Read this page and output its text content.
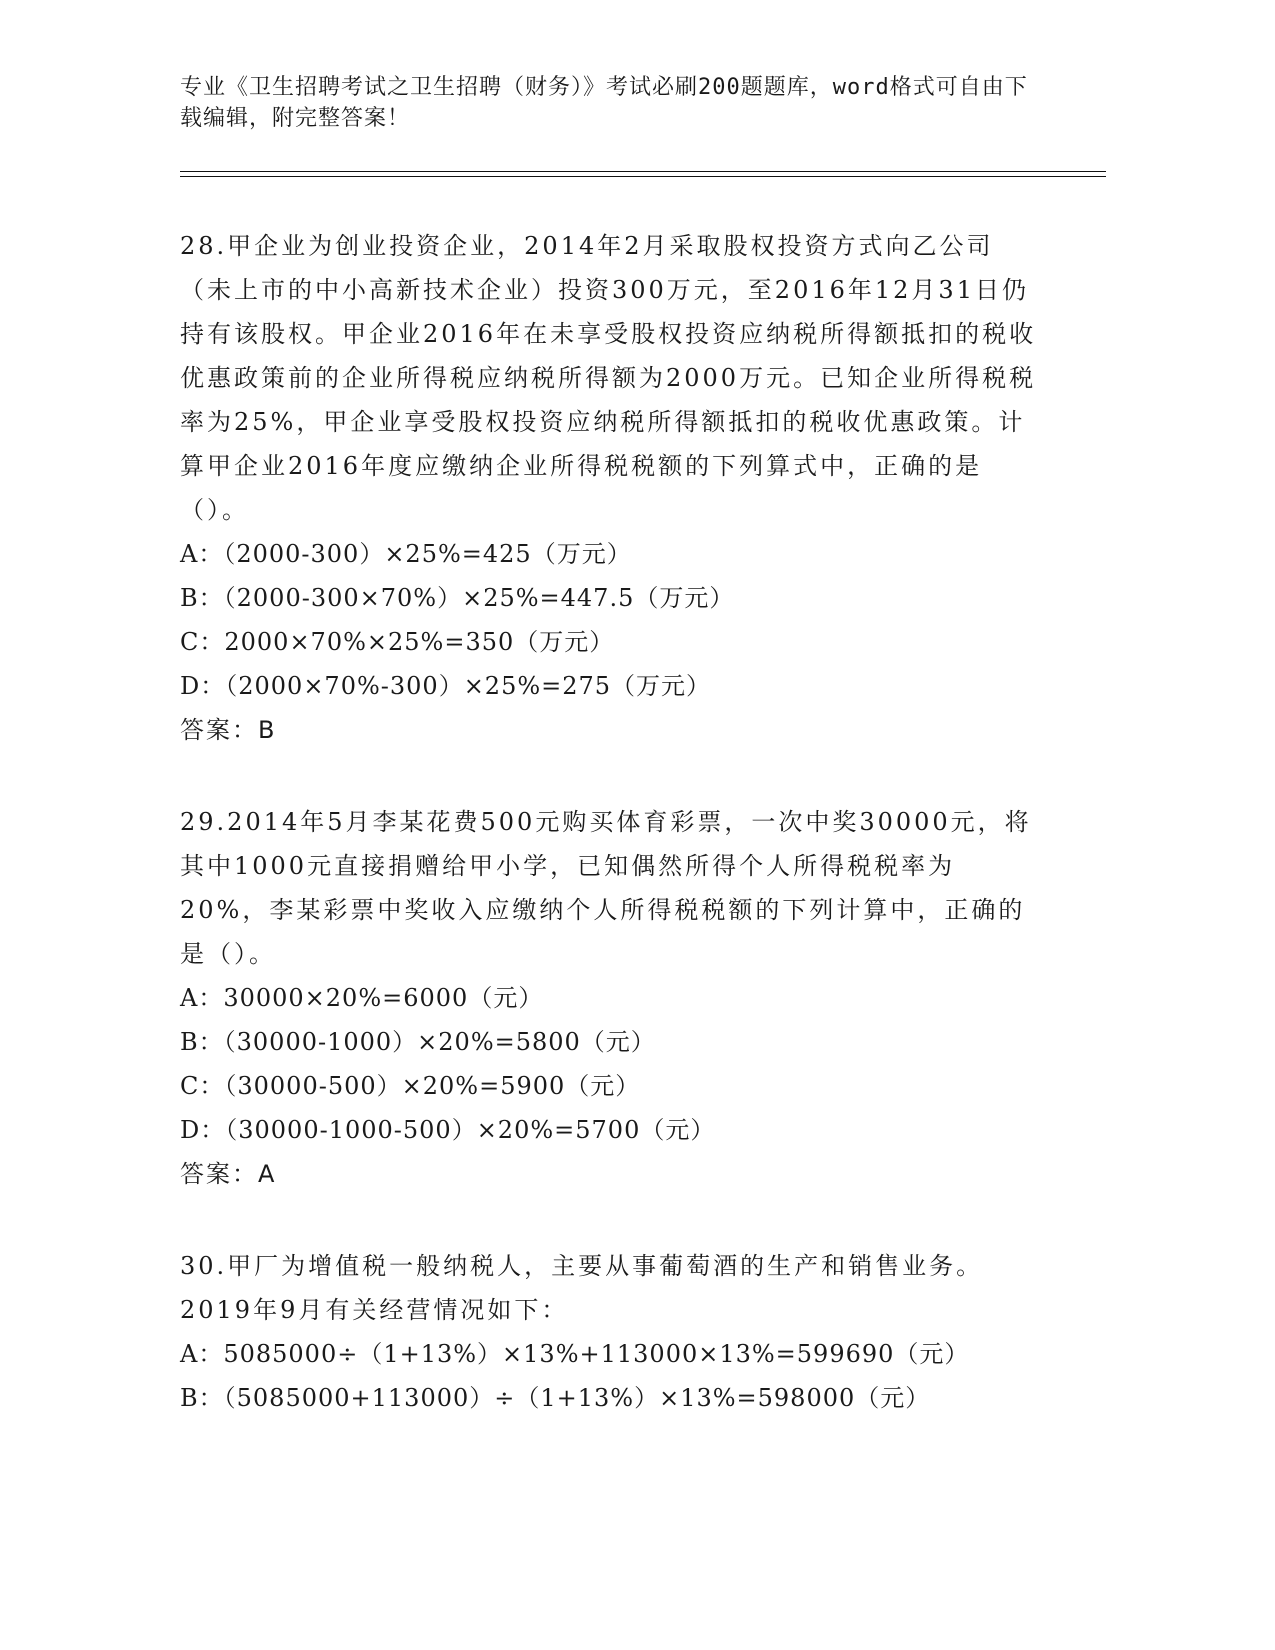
专业《卫生招聘考试之卫生招聘（财务）》考试必刷200题题库，word格式可自由下载编辑，附完整答案！

28.甲企业为创业投资企业，2014年2月采取股权投资方式向乙公司（未上市的中小高新技术企业）投资300万元，至2016年12月31日仍持有该股权。甲企业2016年在未享受股权投资应纳税所得额抵扣的税收优惠政策前的企业所得税应纳税所得额为2000万元。已知企业所得税税率为25%，甲企业享受股权投资应纳税所得额抵扣的税收优惠政策。计算甲企业2016年度应缴纳企业所得税税额的下列算式中，正确的是（）。

A：（2000-300）×25%=425（万元）

B：（2000-300×70%）×25%=447.5（万元）

C：2000×70%×25%=350（万元）

D：（2000×70%-300）×25%=275（万元）

答案：B

29.2014年5月李某花费500元购买体育彩票，一次中奖30000元，将其中1000元直接捐赠给甲小学，已知偶然所得个人所得税税率为20%，李某彩票中奖收入应缴纳个人所得税税额的下列计算中，正确的是（）。

A：30000×20%=6000（元）

B：（30000-1000）×20%=5800（元）

C：（30000-500）×20%=5900（元）

D：（30000-1000-500）×20%=5700（元）

答案：A

30.甲厂为增值税一般纳税人，主要从事葡萄酒的生产和销售业务。2019年9月有关经营情况如下：

A：5085000÷（1+13%）×13%+113000×13%=599690（元）

B：（5085000+113000）÷（1+13%）×13%=598000（元）
